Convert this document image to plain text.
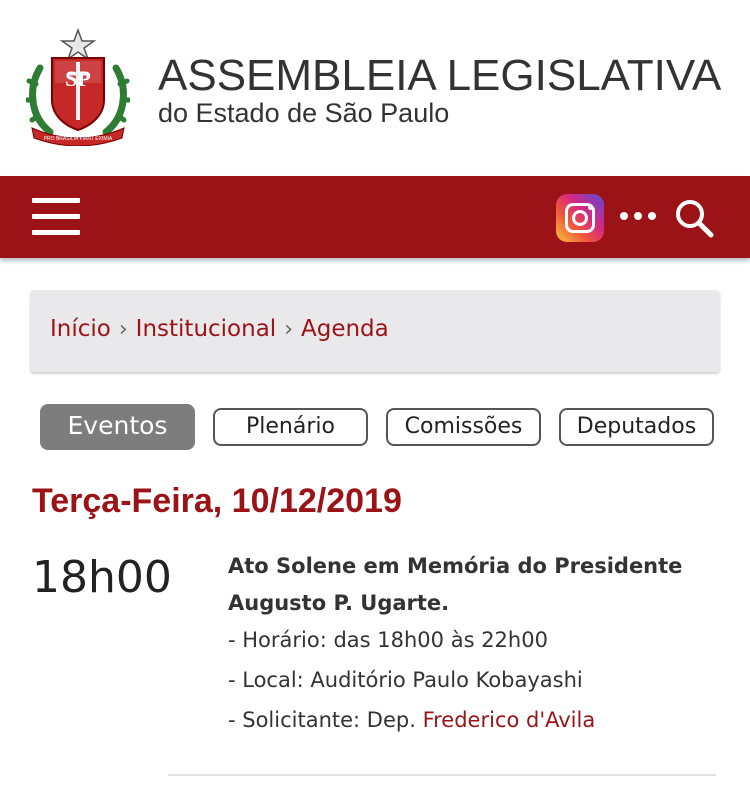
SP
PRO BRASILIA FIANT EXIMIA
ASSEMBLEIA LEGISLATIVA
do Estado de São Paulo
Início › Institucional › Agenda
Eventos	Plenário	Comissões	Deputados
Terça-Feira, 10/12/2019
18h00	Ato Solene em Memória do Presidente Augusto P. Ugarte.
- Horário: das 18h00 às 22h00
- Local: Auditório Paulo Kobayashi
- Solicitante: Dep. Frederico d'Avila
